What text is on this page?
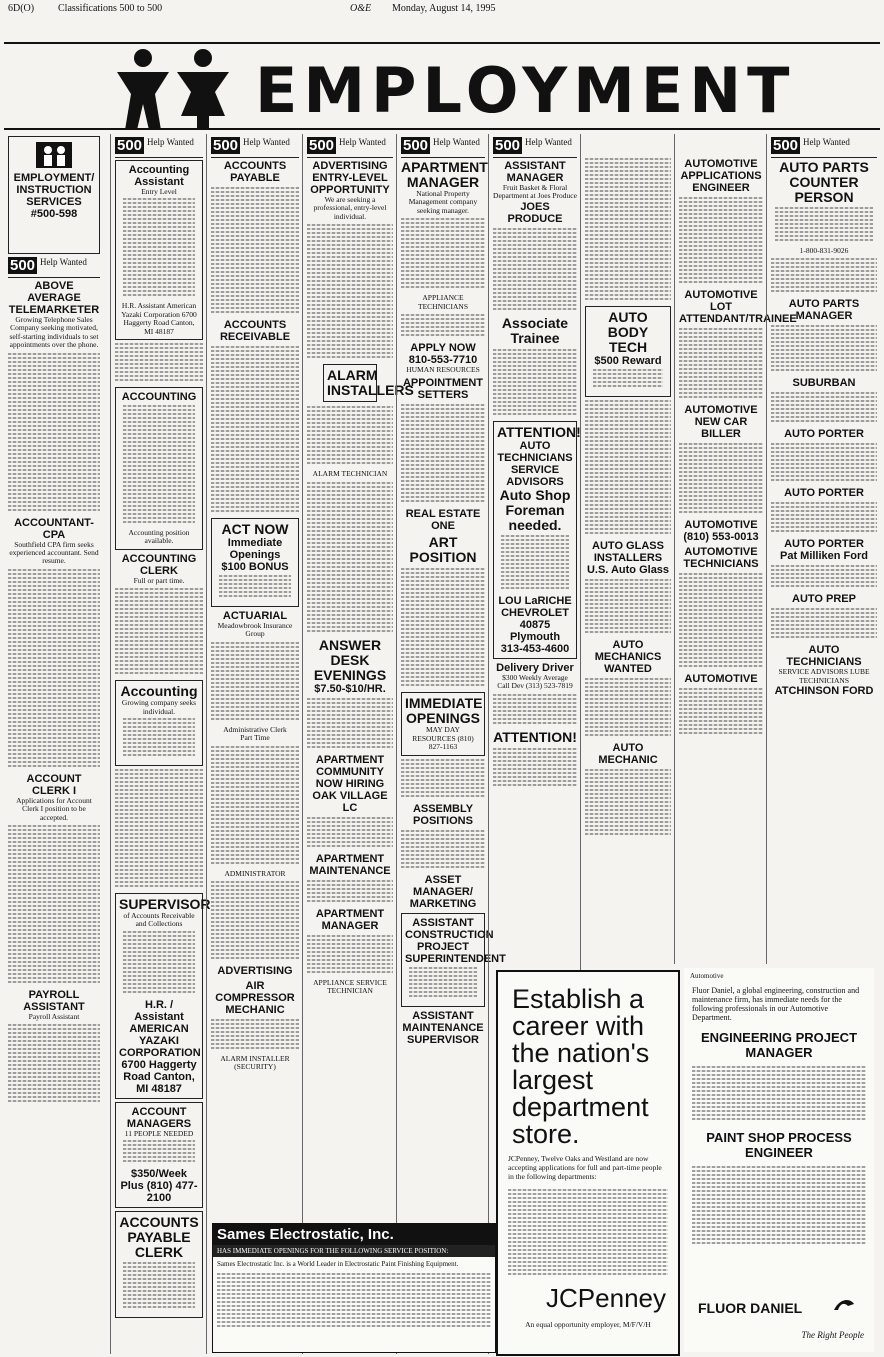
6D(O) Classifications 500 to 500	O&E Monday, August 14, 1995
EMPLOYMENT
EMPLOYMENT/
INSTRUCTION
SERVICES
#500-598
500 Help Wanted
ABOVE AVERAGE TELEMARKETER
Growing Telephone Sales Company seeking motivated, self-starting individuals to set appointments over the phone.
ACCOUNTANT-CPA
Southfield CPA firm seeks experienced accountant. Send resume.
ACCOUNT CLERK I
Applications for Account Clerk I position to be accepted.
PAYROLL ASSISTANT
Payroll Assistant
500 Help Wanted
Accounting Assistant
Entry Level
H.R. Assistant American Yazaki Corporation 6700 Haggerty Road Canton, MI 48187
ACCOUNTING
Accounting position available.
ACCOUNTING CLERK
Full or part time.
Accounting
Growing company seeks individual.
SUPERVISOR
of Accounts Receivable and Collections
H.R. / Assistant AMERICAN YAZAKI CORPORATION 6700 Haggerty Road Canton, MI 48187
ACCOUNT MANAGERS
11 PEOPLE NEEDED
$350/Week Plus (810) 477-2100
ACCOUNTS PAYABLE CLERK
500 Help Wanted
ACCOUNTS PAYABLE
ACCOUNTS RECEIVABLE
ACT NOW
Immediate Openings
$100 BONUS
ACTUARIAL
Meadowbrook Insurance Group
Administrative Clerk
Part Time
ADMINISTRATOR
ADVERTISING
AIR COMPRESSOR MECHANIC
ALARM INSTALLER (SECURITY)
500 Help Wanted
ADVERTISING ENTRY-LEVEL OPPORTUNITY
We are seeking a professional, entry-level individual.
ALARM INSTALLERS
ALARM TECHNICIAN
ANSWER DESK EVENINGS
$7.50-$10/HR.
APARTMENT COMMUNITY NOW HIRING
OAK VILLAGE LC
APARTMENT MAINTENANCE
APARTMENT MANAGER
APPLIANCE SERVICE TECHNICIAN
500 Help Wanted
APARTMENT MANAGER
National Property Management company seeking manager.
APPLIANCE TECHNICIANS
APPLY NOW
810-553-7710
HUMAN RESOURCES
APPOINTMENT SETTERS
REAL ESTATE ONE
ART POSITION
IMMEDIATE OPENINGS
MAY DAY RESOURCES (810) 827-1163
ASSEMBLY POSITIONS
ASSET MANAGER/ MARKETING
ASSISTANT CONSTRUCTION PROJECT SUPERINTENDENT
ASSISTANT MAINTENANCE SUPERVISOR
500 Help Wanted
ASSISTANT MANAGER
Fruit Basket & Floral Department at Joes Produce
JOES PRODUCE
Associate Trainee
ATTENTION!
AUTO TECHNICIANS SERVICE ADVISORS
Auto Shop Foreman needed.
LOU LaRICHE CHEVROLET
40875 Plymouth
313-453-4600
Delivery Driver
$300 Weekly Average
Call Dev (313) 523-7819
ATTENTION!
AUTO BODY TECH
$500 Reward
AUTO GLASS INSTALLERS
U.S. Auto Glass
AUTO MECHANICS WANTED
AUTO MECHANIC
AUTOMOTIVE APPLICATIONS ENGINEER
AUTOMOTIVE LOT ATTENDANT/TRAINEE
AUTOMOTIVE NEW CAR BILLER
AUTOMOTIVE
(810) 553-0013
AUTOMOTIVE TECHNICIANS
AUTOMOTIVE
500 Help Wanted
AUTO PARTS COUNTER PERSON
1-800-831-9026
AUTO PARTS MANAGER
SUBURBAN
AUTO PORTER
AUTO PORTER
AUTO PORTER
Pat Milliken Ford
AUTO PREP
AUTO TECHNICIANS
SERVICE ADVISORS LUBE TECHNICIANS
ATCHINSON FORD
Establish a career with the nation's largest department store.
JCPenney, Twelve Oaks and Westland are now accepting applications for full and part-time people in the following departments:
JCPenney
An equal opportunity employer, M/F/V/H
Automotive
Fluor Daniel, a global engineering, construction and maintenance firm, has immediate needs for the following professionals in our Automotive Department.
ENGINEERING PROJECT MANAGER
PAINT SHOP PROCESS ENGINEER
FLUOR DANIEL
The Right People
Sames Electrostatic, Inc.
HAS IMMEDIATE OPENINGS FOR THE FOLLOWING SERVICE POSITION:
Sames Electrostatic Inc. is a World Leader in Electrostatic Paint Finishing Equipment.
